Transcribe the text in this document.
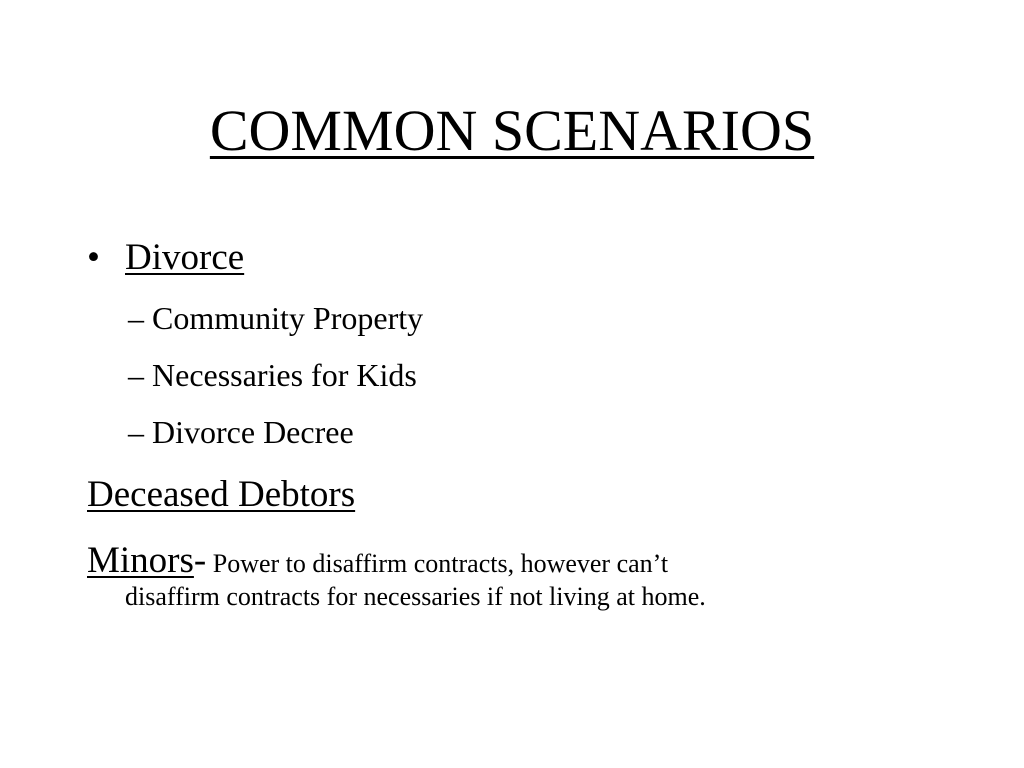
COMMON SCENARIOS
• Divorce
– Community Property
– Necessaries for Kids
– Divorce Decree
Deceased Debtors
Minors- Power to disaffirm contracts, however can’t
disaffirm contracts for necessaries if not living at home.
